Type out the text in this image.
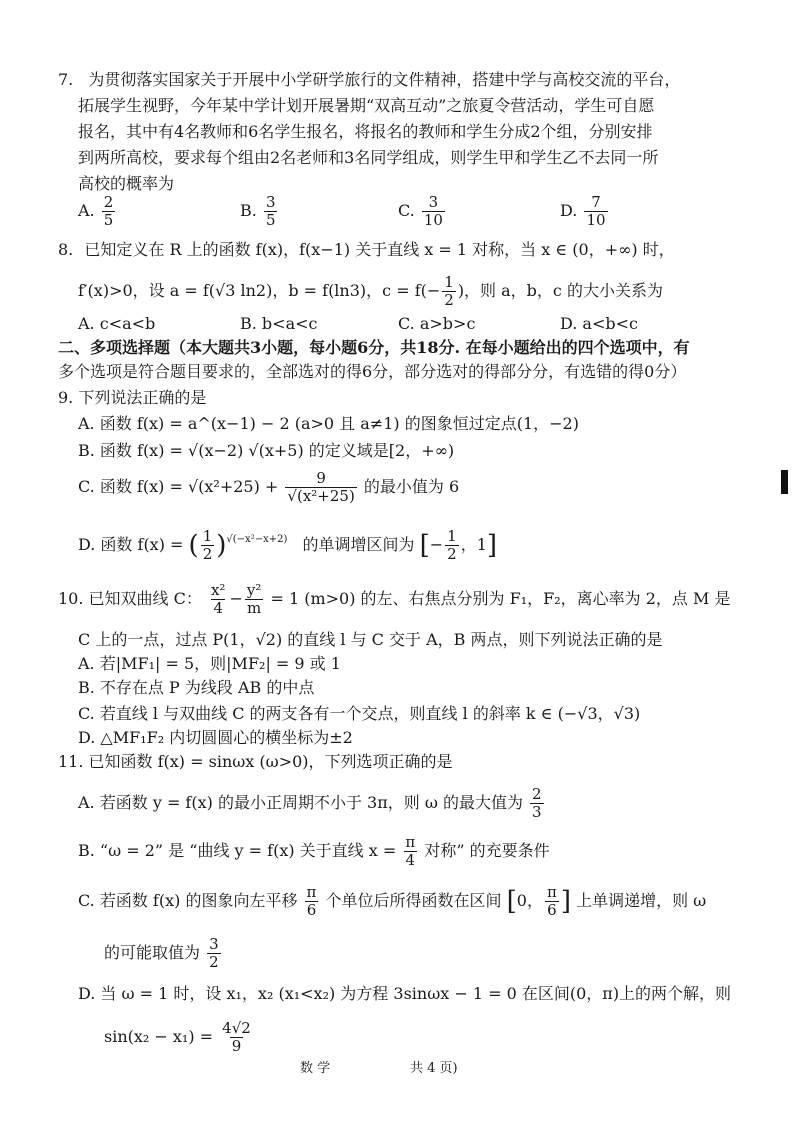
7. 为贯彻落实国家关于开展中小学研学旅行的文件精神，搭建中学与高校交流的平台，
拓展学生视野，今年某中学计划开展暑期“双高互动”之旅夏令营活动，学生可自愿
报名，其中有4名教师和6名学生报名，将报名的教师和学生分成2个组，分别安排
到两所高校，要求每个组由2名老师和3名同学组成，则学生甲和学生乙不去同一所
高校的概率为
A. $\frac{2}{5}$	B. $\frac{3}{5}$	C. $\frac{3}{10}$	D. $\frac{7}{10}$
8. 已知定义在 R 上的函数 f(x)，f(x−1) 关于直线 x = 1 对称，当 x ∈ (0，+∞) 时，
f′(x)>0，设 a = f(√3 ln2)，b = f(ln3)，$c = f(- \frac{1}{2}$ )，则 a，b，c 的大小关系为
A. c<a<b	B. b<a<c	C. a>b>c	D. a<b<c
二、多项选择题（本大题共3小题，每小题6分，共18分. 在每小题给出的四个选项中，有
多个选项是符合题目要求的，全部选对的得6分，部分选对的得部分分，有选错的得0分）
9. 下列说法正确的是
A. 函数 f(x) = a^(x−1) − 2 (a>0 且 a≠1) 的图象恒过定点(1，−2)
B. 函数 f(x) = √(x−2) √(x+5) 的定义域是[2，+∞)
C. 函数 $f(x) = √(x^2+25) + \frac{9}{\text{√(x²+25)}}$ 的最小值为 6
D. 函数 f(x) = ( $\frac{1}{2} )^{√(-x^2-x+2)}$ 的单调增区间为 [− $\frac{1}{2}$ ，1]
10. 已知双曲线 C： $\frac{\text{x²}}{4} - \frac{\text{y²}}{m} = 1$ (m>0) 的左、右焦点分别为 F₁，F₂，离心率为 2，点 M 是
C 上的一点，过点 P(1，√2) 的直线 l 与 C 交于 A，B 两点，则下列说法正确的是
A. 若|MF₁| = 5，则|MF₂| = 9 或 1
B. 不存在点 P 为线段 AB 的中点
C. 若直线 l 与双曲线 C 的两支各有一个交点，则直线 l 的斜率 k ∈ (−√3，√3)
D. △MF₁F₂ 内切圆圆心的横坐标为±2
11. 已知函数 f(x) = sinωx (ω>0)，下列选项正确的是
A. 若函数 y = f(x) 的最小正周期不小于 3π，则 ω 的最大值为 $\frac{2}{3}$
B. “ω = 2” 是 “曲线 y = f(x) 关于直线 $x = \frac{\pi}{4}$ 对称” 的充要条件
C. 若函数 f(x) 的图象向左平移 $\frac{\pi}{6}$ 个单位后所得函数在区间 [0， $\frac{\pi}{6}$ ] 上单调递增，则 ω
的可能取值为 $\frac{3}{2}$
D. 当 ω = 1 时，设 x₁，x₂ (x₁<x₂) 为方程 3sinωx − 1 = 0 在区间(0，π)上的两个解，则
$\sin(x_2 - x_1) = \frac{4√2}{9}$
数 学	共 4 页)
